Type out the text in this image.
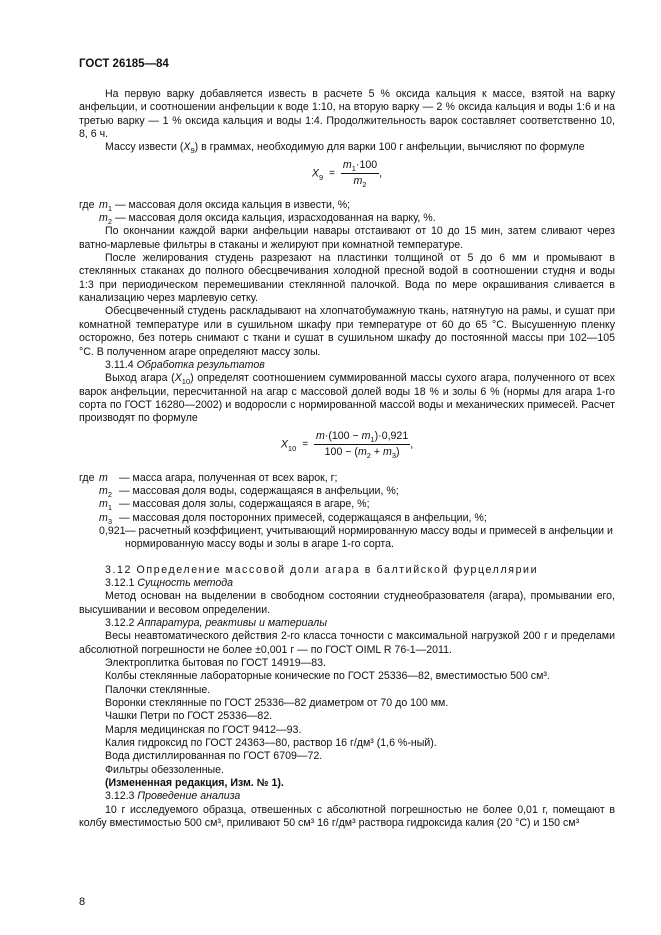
ГОСТ 26185—84

На первую варку добавляется известь в расчете 5 % оксида кальция к массе, взятой на варку анфельции, и соотношении анфельции к воде 1:10, на вторую варку — 2 % оксида кальция и воды 1:6 и на третью варку — 1 % оксида кальция и воды 1:4. Продолжительность варок составляет соответственно 10, 8, 6 ч.

Массу извести $(X_9)$ в граммах, необходимую для варки 100 г анфельции, вычисляют по формуле

$X_9 = \frac{m_1\cdot 100}{m_2}$ ,
где $m_1$ — массовая доля оксида кальция в извести, %;
$m_2$ — массовая доля оксида кальция, израсходованная на варку, %.

По окончании каждой варки анфельции навары отстаивают от 10 до 15 мин, затем сливают через ватно-марлевые фильтры в стаканы и желируют при комнатной температуре.

После желирования студень разрезают на пластинки толщиной от 5 до 6 мм и промывают в стеклянных стаканах до полного обесцвечивания холодной пресной водой в соотношении студня и воды 1:3 при периодическом перемешивании стеклянной палочкой. Вода по мере окрашивания сливается в канализацию через марлевую сетку.

Обесцвеченный студень раскладывают на хлопчатобумажную ткань, натянутую на рамы, и сушат при комнатной температуре или в сушильном шкафу при температуре от 60 до 65 °С. Высушенную пленку осторожно, без потерь снимают с ткани и сушат в сушильном шкафу до постоянной массы при 102—105 °С. В полученном агаре определяют массу золы.

3.11.4 Обработка результатов

Выход агара $(X_{10})$ определят соотношением суммированной массы сухого агара, полученного от всех варок анфельции, пересчитанной на агар с массовой долей воды 18 % и золы 6 % (нормы для агара 1-го сорта по ГОСТ 16280—2002) и водоросли с нормированной массой воды и механических примесей. Расчет производят по формуле

$X_{10} = \frac{m\cdot(100 - m_1)\cdot 0,921}{100 - (m_2 + m_3)}$ ,
где m	— масса агара, полученная от всех варок, г;
$m_2$ — массовая доля воды, содержащаяся в анфельции, %;
$m_1$ — массовая доля золы, содержащаяся в агаре, %;
$m_3$ — массовая доля посторонних примесей, содержащаяся в анфельции, %;
0,921 — расчетный коэффициент, учитывающий нормированную массу воды и примесей в анфельции и нормированную массу воды и золы в агаре 1-го сорта.

3.12 Определение массовой доли агара в балтийской фурцеллярии

3.12.1 Сущность метода

Метод основан на выделении в свободном состоянии студнеобразователя (агара), промывании его, высушивании и весовом определении.

3.12.2 Аппаратура, реактивы и материалы

Весы неавтоматического действия 2-го класса точности с максимальной нагрузкой 200 г и пределами абсолютной погрешности не более ±0,001 г — по ГОСТ OIML R 76-1—2011.

Электроплитка бытовая по ГОСТ 14919—83.

Колбы стеклянные лабораторные конические по ГОСТ 25336—82, вместимостью 500 см³.

Палочки стеклянные.

Воронки стеклянные по ГОСТ 25336—82 диаметром от 70 до 100 мм.

Чашки Петри по ГОСТ 25336—82.

Марля медицинская по ГОСТ 9412—93.

Калия гидроксид по ГОСТ 24363—80, раствор 16 г/дм³ (1,6 %-ный).

Вода дистиллированная по ГОСТ 6709—72.

Фильтры обеззоленные.

(Измененная редакция, Изм. № 1).

3.12.3 Проведение анализа

10 г исследуемого образца, отвешенных с абсолютной погрешностью не более 0,01 г, помещают в колбу вместимостью 500 см³, приливают 50 см³ 16 г/дм³ раствора гидроксида калия (20 °С) и 150 см³

8
